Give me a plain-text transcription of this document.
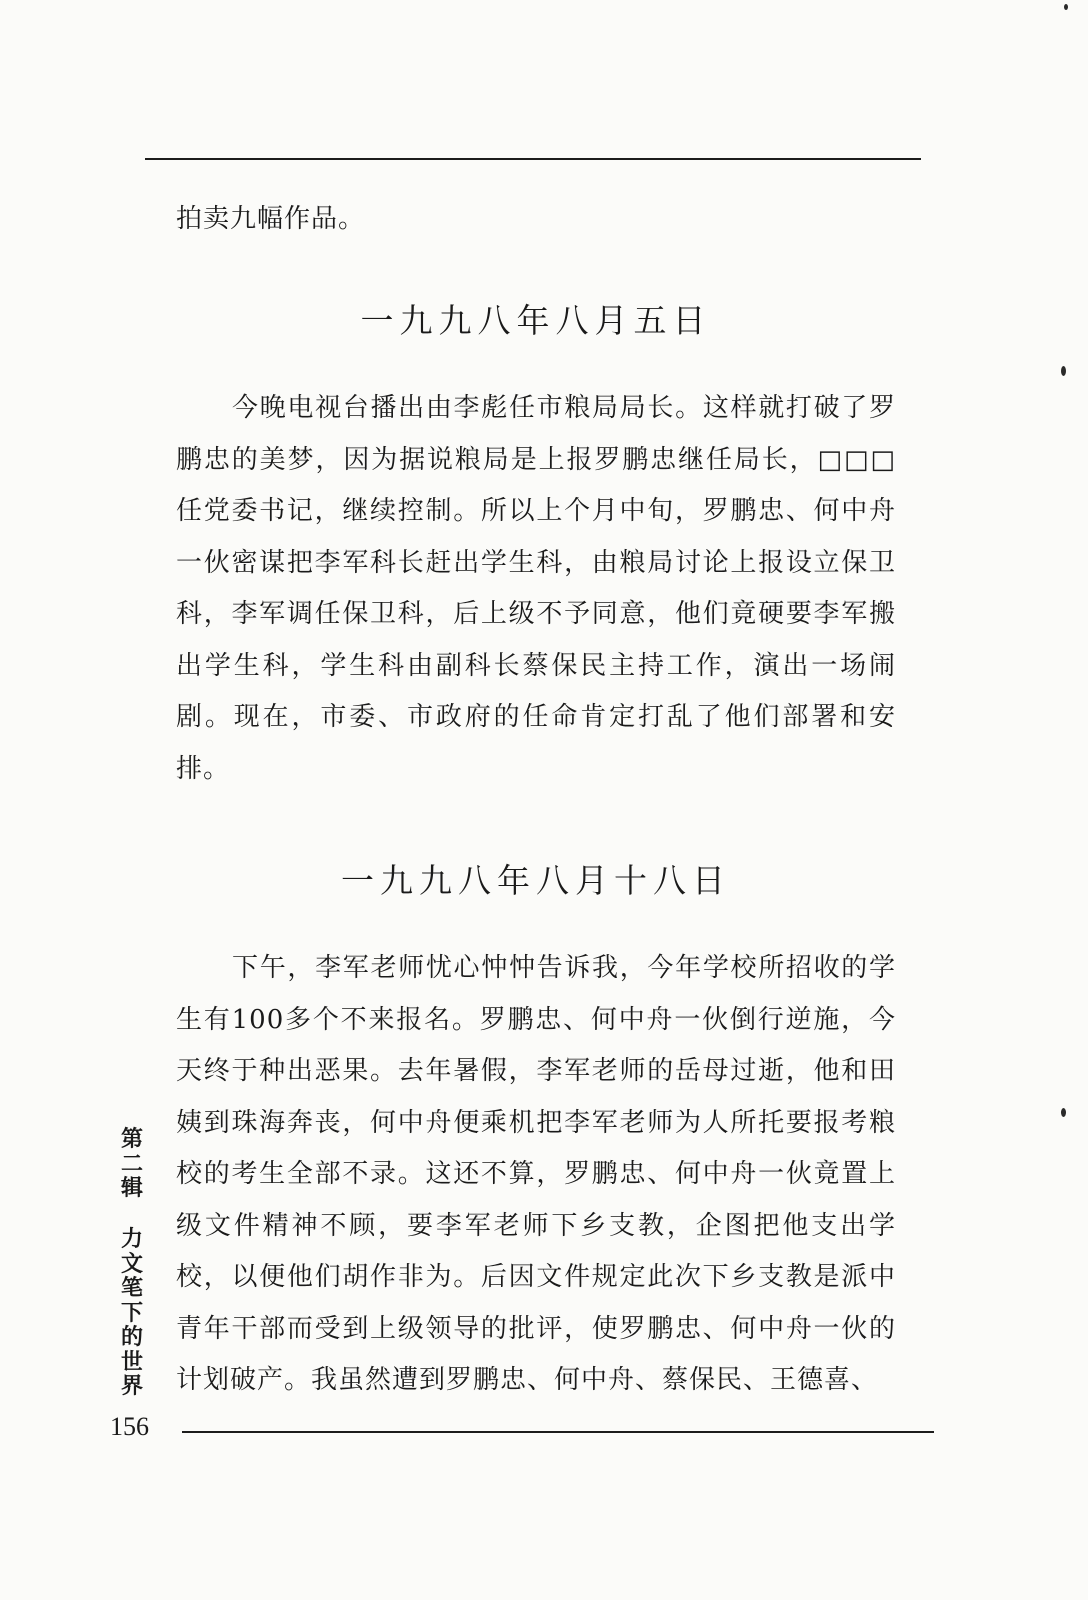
拍卖九幅作品。

一九九八年八月五日

今晚电视台播出由李彪任市粮局局长。这样就打破了罗鹏忠的美梦，因为据说粮局是上报罗鹏忠继任局长，□□□任党委书记，继续控制。所以上个月中旬，罗鹏忠、何中舟一伙密谋把李军科长赶出学生科，由粮局讨论上报设立保卫科，李军调任保卫科，后上级不予同意，他们竟硬要李军搬出学生科，学生科由副科长蔡保民主持工作，演出一场闹剧。现在，市委、市政府的任命肯定打乱了他们部署和安排。

一九九八年八月十八日

下午，李军老师忧心忡忡告诉我，今年学校所招收的学生有100多个不来报名。罗鹏忠、何中舟一伙倒行逆施，今天终于种出恶果。去年暑假，李军老师的岳母过逝，他和田姨到珠海奔丧，何中舟便乘机把李军老师为人所托要报考粮校的考生全部不录。这还不算，罗鹏忠、何中舟一伙竟置上级文件精神不顾，要李军老师下乡支教，企图把他支出学校，以便他们胡作非为。后因文件规定此次下乡支教是派中青年干部而受到上级领导的批评，使罗鹏忠、何中舟一伙的计划破产。我虽然遭到罗鹏忠、何中舟、蔡保民、王德喜、

第
二
辑
力
文
笔
下
的
世
界
156
